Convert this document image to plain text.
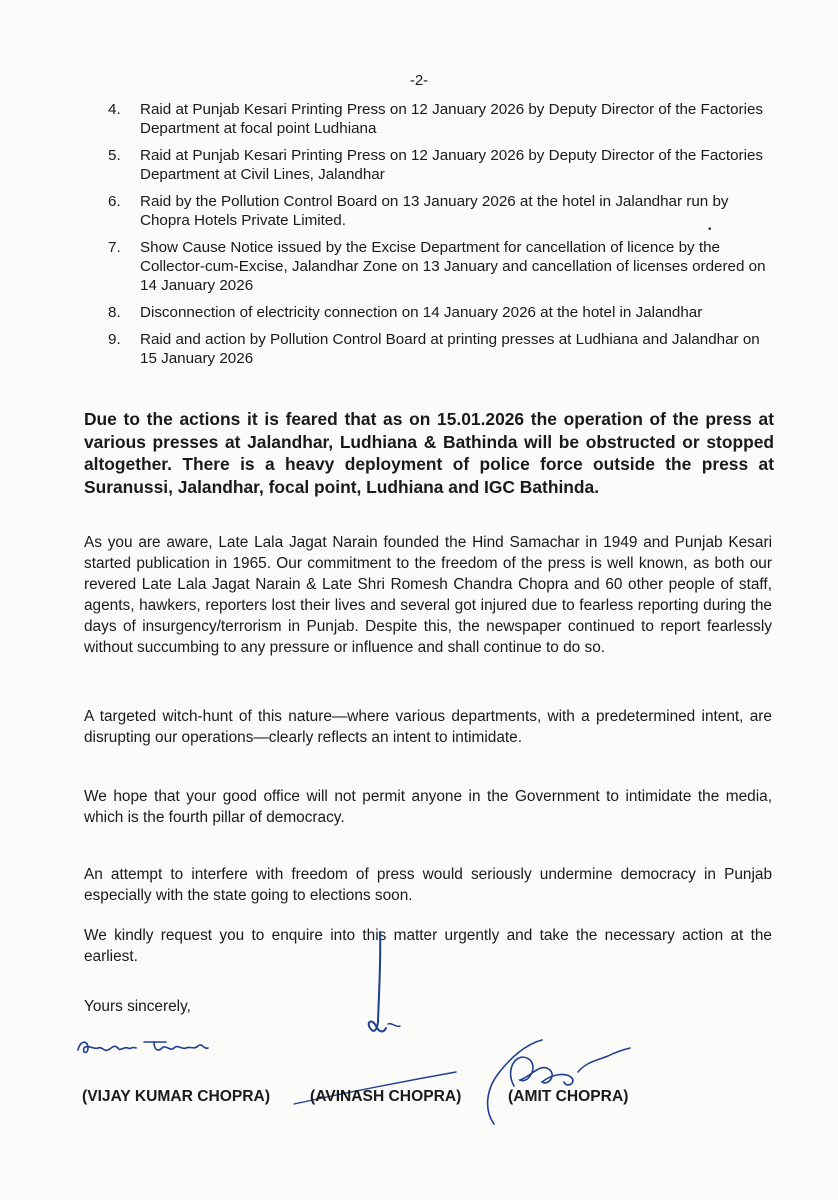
-2-
4. Raid at Punjab Kesari Printing Press on 12 January 2026 by Deputy Director of the Factories Department at focal point Ludhiana
5. Raid at Punjab Kesari Printing Press on 12 January 2026 by Deputy Director of the Factories Department at Civil Lines, Jalandhar
6. Raid by the Pollution Control Board on 13 January 2026 at the hotel in Jalandhar run by Chopra Hotels Private Limited.
7. Show Cause Notice issued by the Excise Department for cancellation of licence by the Collector-cum-Excise, Jalandhar Zone on 13 January and cancellation of licenses ordered on 14 January 2026
8. Disconnection of electricity connection on 14 January 2026 at the hotel in Jalandhar
9. Raid and action by Pollution Control Board at printing presses at Ludhiana and Jalandhar on 15 January 2026
•

Due to the actions it is feared that as on 15.01.2026 the operation of the press at various presses at Jalandhar, Ludhiana & Bathinda will be obstructed or stopped altogether. There is a heavy deployment of police force outside the press at Suranussi, Jalandhar, focal point, Ludhiana and IGC Bathinda.

As you are aware, Late Lala Jagat Narain founded the Hind Samachar in 1949 and Punjab Kesari started publication in 1965. Our commitment to the freedom of the press is well known, as both our revered Late Lala Jagat Narain & Late Shri Romesh Chandra Chopra and 60 other people of staff, agents, hawkers, reporters lost their lives and several got injured due to fearless reporting during the days of insurgency/terrorism in Punjab. Despite this, the newspaper continued to report fearlessly without succumbing to any pressure or influence and shall continue to do so.

A targeted witch-hunt of this nature—where various departments, with a predetermined intent, are disrupting our operations—clearly reflects an intent to intimidate.

We hope that your good office will not permit anyone in the Government to intimidate the media, which is the fourth pillar of democracy.

An attempt to interfere with freedom of press would seriously undermine democracy in Punjab especially with the state going to elections soon.

We kindly request you to enquire into this matter urgently and take the necessary action at the earliest.

Yours sincerely,
(VIJAY KUMAR CHOPRA)	(AVINASH CHOPRA)	(AMIT CHOPRA)
